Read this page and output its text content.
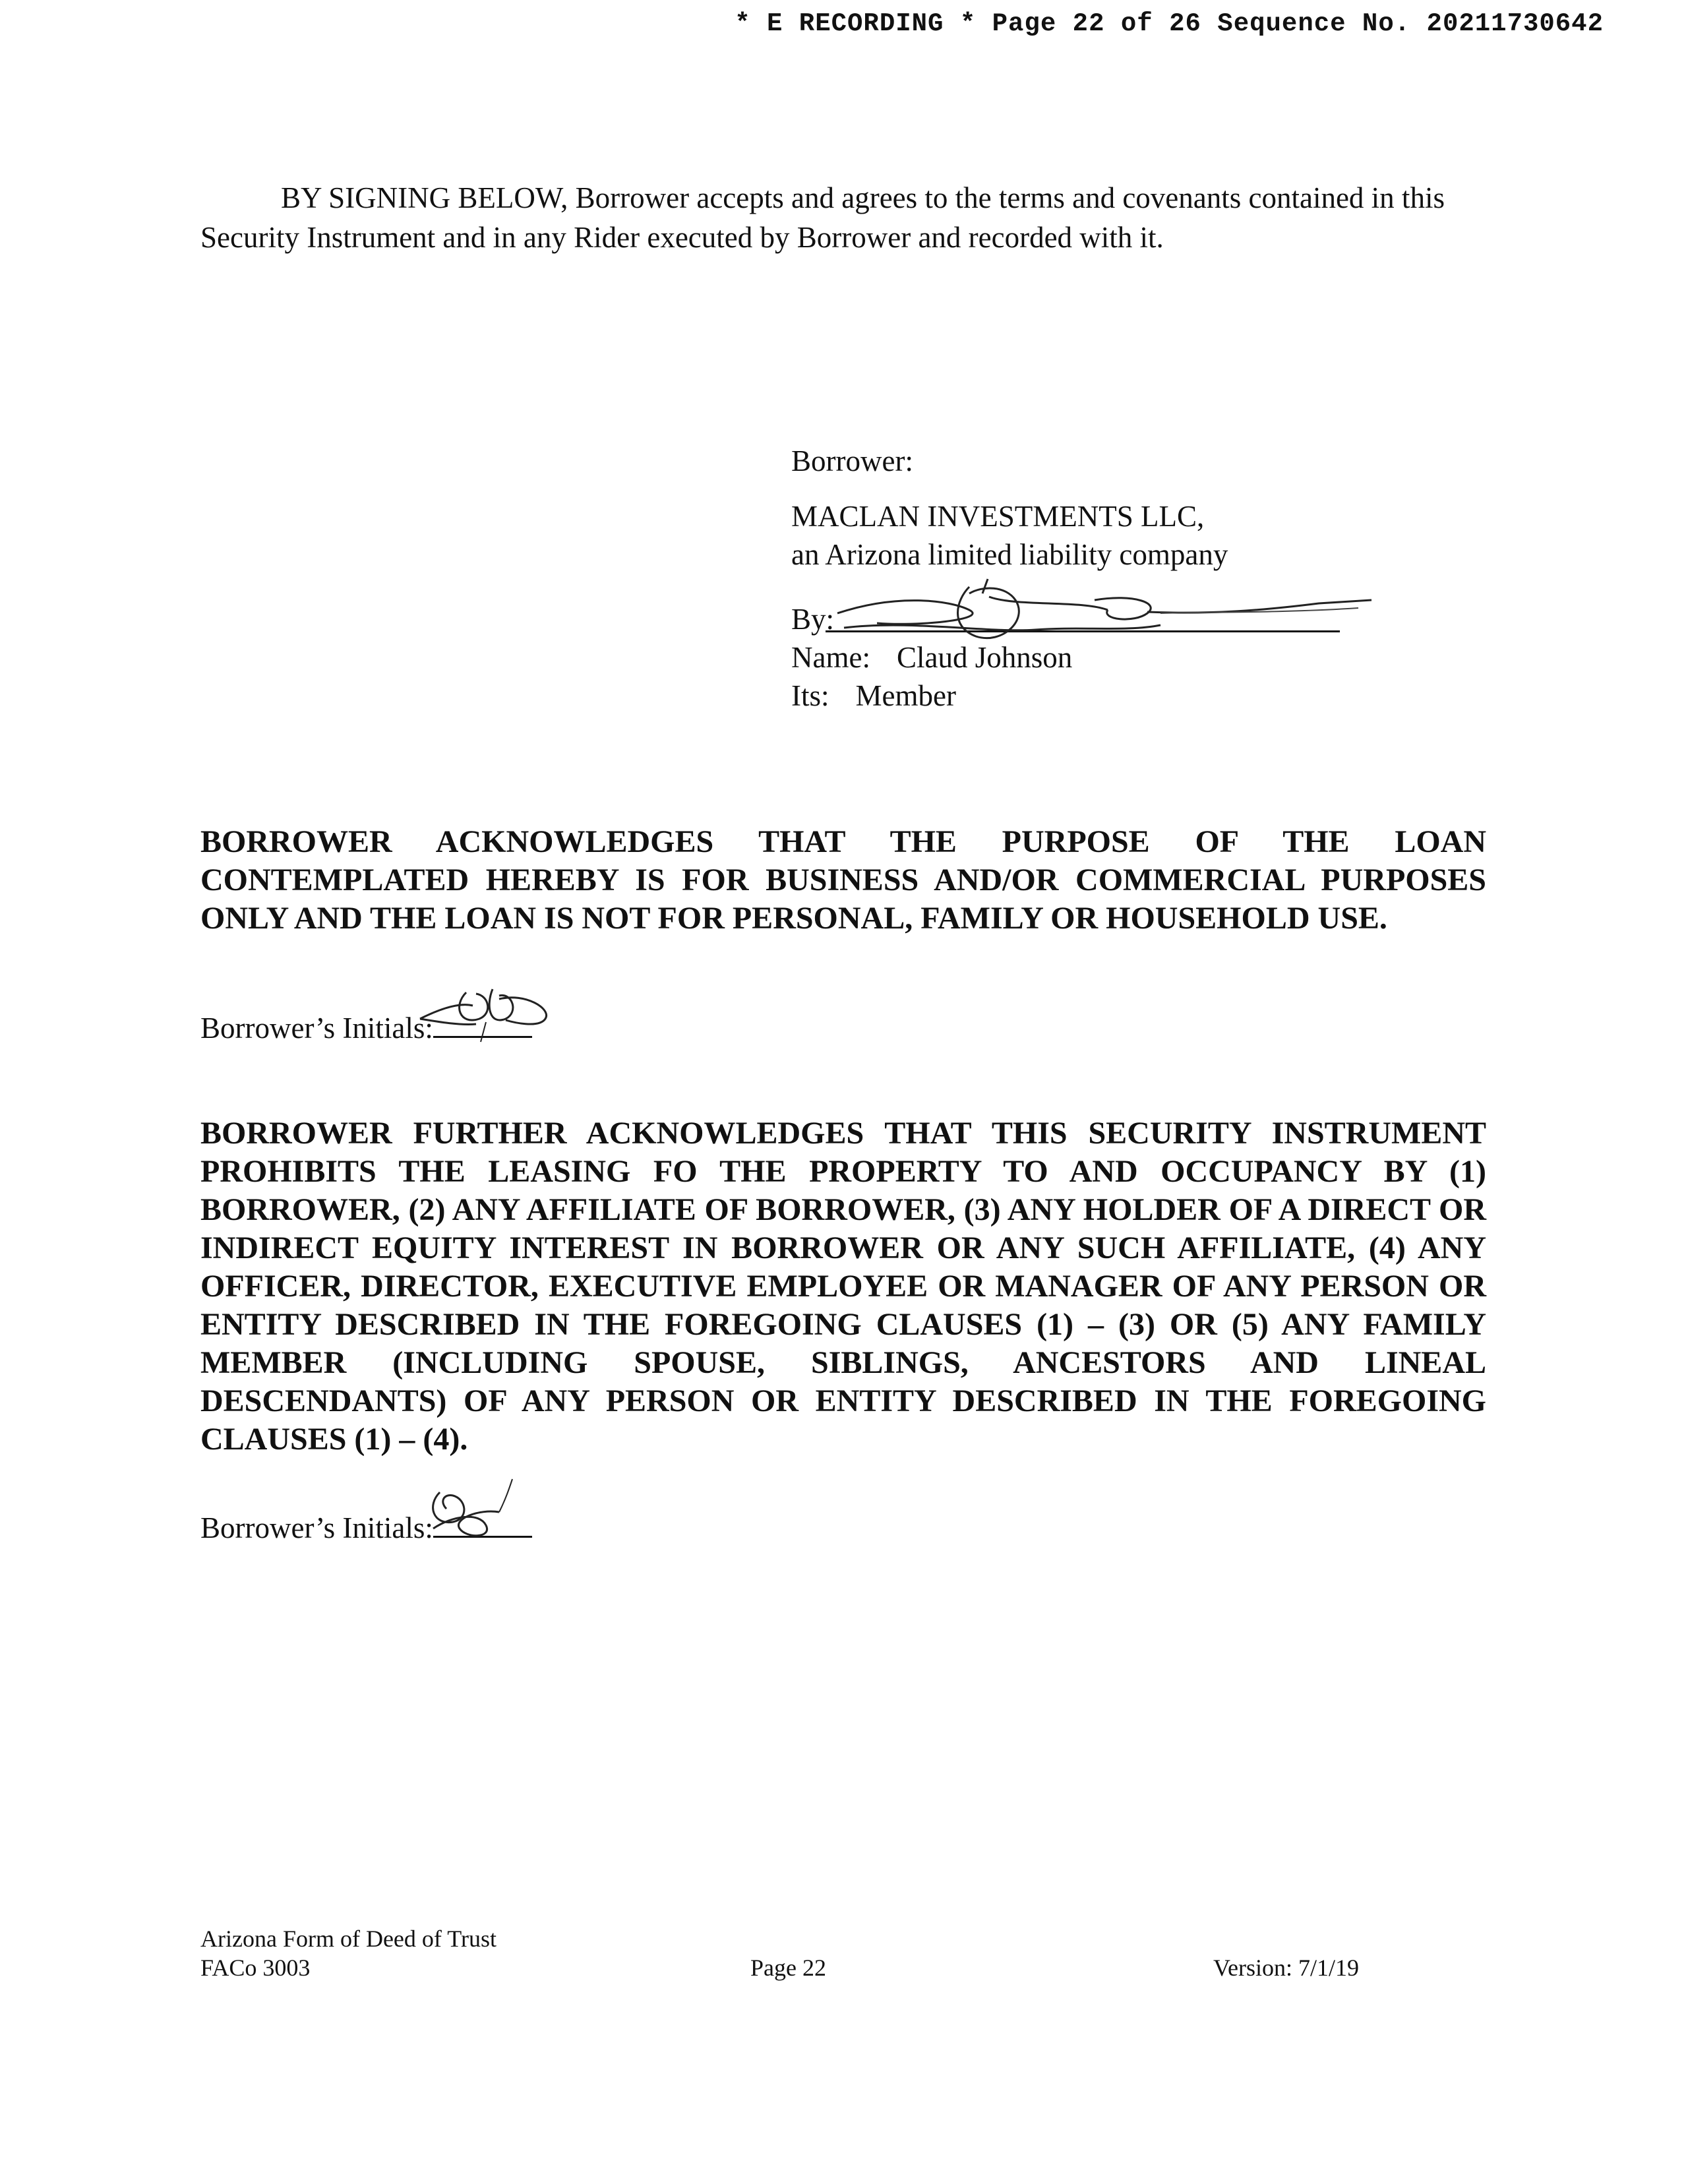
* E RECORDING * Page 22 of 26 Sequence No. 20211730642
BY SIGNING BELOW, Borrower accepts and agrees to the terms and covenants contained in this Security Instrument and in any Rider executed by Borrower and recorded with it.
Borrower:
MACLAN INVESTMENTS LLC,
an Arizona limited liability company
By:
Name: Claud Johnson
Its: Member
BORROWER ACKNOWLEDGES THAT THE PURPOSE OF THE LOAN CONTEMPLATED HEREBY IS FOR BUSINESS AND/OR COMMERCIAL PURPOSES ONLY AND THE LOAN IS NOT FOR PERSONAL, FAMILY OR HOUSEHOLD USE.
Borrower’s Initials:
BORROWER FURTHER ACKNOWLEDGES THAT THIS SECURITY INSTRUMENT PROHIBITS THE LEASING FO THE PROPERTY TO AND OCCUPANCY BY (1) BORROWER, (2) ANY AFFILIATE OF BORROWER, (3) ANY HOLDER OF A DIRECT OR INDIRECT EQUITY INTEREST IN BORROWER OR ANY SUCH AFFILIATE, (4) ANY OFFICER, DIRECTOR, EXECUTIVE EMPLOYEE OR MANAGER OF ANY PERSON OR ENTITY DESCRIBED IN THE FOREGOING CLAUSES (1) – (3) OR (5) ANY FAMILY MEMBER (INCLUDING SPOUSE, SIBLINGS, ANCESTORS AND LINEAL DESCENDANTS) OF ANY PERSON OR ENTITY DESCRIBED IN THE FOREGOING CLAUSES (1) – (4).
Borrower’s Initials:
Arizona Form of Deed of Trust
FACo 3003	Page 22	Version: 7/1/19
